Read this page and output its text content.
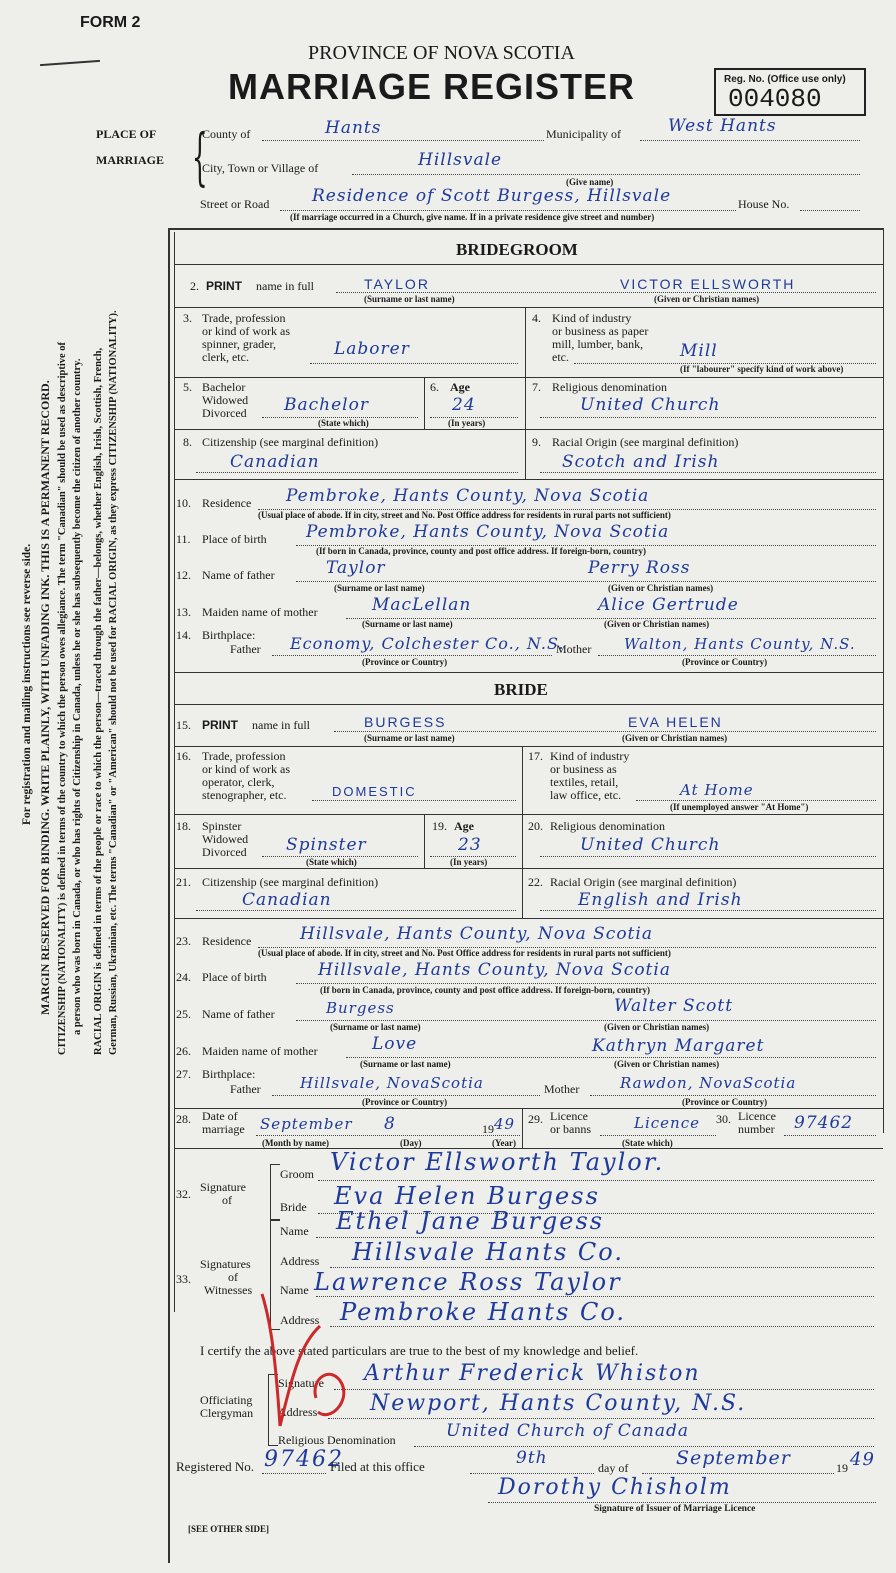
FORM 2
PROVINCE OF NOVA SCOTIA
MARRIAGE REGISTER	Reg. No. (Office use only)
004080
PLACE OF
MARRIAGE {
County of	Hants	Municipality of	West Hants
City, Town or Village of	Hillsvale
(Give name)
Street or Road	Residence of Scott Burgess, Hillsvale	House No.
(If marriage occurred in a Church, give name. If in a private residence give street and number)
For registration and mailing instructions see reverse side. MARGIN RESERVED FOR BINDING. WRITE PLAINLY, WITH UNFADING INK. THIS IS A PERMANENT RECORD. CITIZENSHIP (NATIONALITY) is defined in terms of the country to which the person owes allegiance. The term "Canadian" should be used as descriptive of a person who was born in Canada, or who has rights of Citizenship in Canada, unless he or she has subsequently become the citizen of another country. RACIAL ORIGIN is defined in terms of the people or race to which the person—traced through the father—belongs, whether English, Irish, Scottish, French, German, Russian, Ukrainian, etc. The terms "Canadian" or "American" should not be used for RACIAL ORIGIN, as they express CITIZENSHIP (NATIONALITY).
BRIDEGROOM
2. PRINT name in full	TAYLOR	VICTOR ELLSWORTH
(Surname or last name)	(Given or Christian names)
3. Trade, profession
or kind of work as
spinner, grader,
clerk, etc.	Laborer
4. Kind of industry
or business as paper
mill, lumber, bank,
etc.	Mill
(If "labourer" specify kind of work above)
5. Bachelor
Widowed
Divorced Bachelor
(State which)
6. Age
24
(In years)
7. Religious denomination
United Church
8. Citizenship (see marginal definition)
Canadian
9. Racial Origin (see marginal definition)
Scotch and Irish
10. Residence Pembroke, Hants County, Nova Scotia
(Usual place of abode. If in city, street and No. Post Office address for residents in rural parts not sufficient)
11. Place of birth Pembroke, Hants County, Nova Scotia
(If born in Canada, province, county and post office address. If foreign-born, country)
12. Name of father	Taylor	Perry Ross
(Surname or last name)	(Given or Christian names)
13. Maiden name of mother	MacLellan	Alice Gertrude
(Surname or last name)	(Given or Christian names)
14. Birthplace:
Father Economy, Colchester Co., N.S.
Mother Walton, Hants County, N.S.
(Province or Country)	(Province or Country)
BRIDE
15. PRINT name in full	BURGESS	EVA HELEN
(Surname or last name)	(Given or Christian names)
16. Trade, profession
or kind of work as
operator, clerk,
stenographer, etc.	DOMESTIC
17. Kind of industry
or business as
textiles, retail,
law office, etc.	At Home
(If unemployed answer "At Home")
18. Spinster
Widowed
Divorced Spinster
(State which)
19. Age
23
(In years)
20. Religious denomination
United Church
21. Citizenship (see marginal definition)
Canadian
22. Racial Origin (see marginal definition)
English and Irish
23. Residence	Hillsvale, Hants County, Nova Scotia
(Usual place of abode. If in city, street and No. Post Office address for residents in rural parts not sufficient)
24. Place of birth	Hillsvale, Hants County, Nova Scotia
(If born in Canada, province, county and post office address. If foreign-born, country)
25. Name of father	Burgess	Walter Scott
(Surname or last name)	(Given or Christian names)
26. Maiden name of mother	Love	Kathryn Margaret
(Surname or last name)	(Given or Christian names)
27. Birthplace:
Father	Hillsvale, NovaScotia	Mother	Rawdon, NovaScotia
(Province or Country)	(Province or Country)
28. Date of
marriage September 8	19 49
(Month by name)	(Day)	(Year)
29. Licence
or banns	Licence
(State which)
30. Licence
number 97462
32. Signature
of
Groom Victor Ellsworth Taylor.
Bride Eva Helen Burgess
33.
Signatures
of
Witnesses
Name Ethel Jane Burgess
Address Hillsvale Hants Co.
Name Lawrence Ross Taylor
Address Pembroke Hants Co.
I certify the above stated particulars are true to the best of my knowledge and belief.
Officiating
Clergyman
Signature Arthur Frederick Whiston
Address Newport, Hants County, N.S.
Religious Denomination	United Church of Canada
Registered No. 97462
Filed at this office	9th	day of	September	19 49
Dorothy Chisholm
Signature of Issuer of Marriage Licence
[SEE OTHER SIDE]
